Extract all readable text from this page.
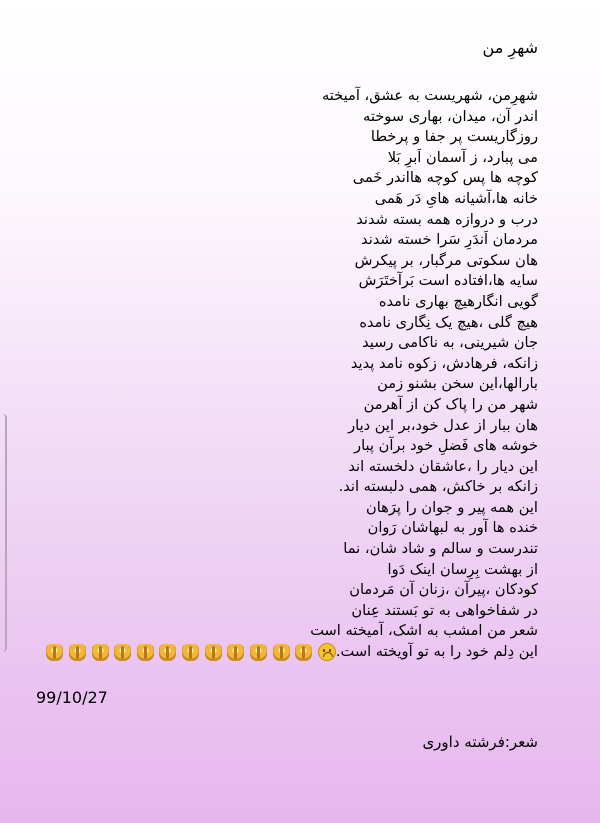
شهرِ من
شهرِمن، شهریست به عشق، آمیخته
اندر آن، میدان، بهاری سوخته
روزگاریست پر جفا و پرخطا
می پبارد، ز آسمان اَبرِ بَلا
کوچه ها پس کوچه هااندر خَمی
خانه ها،آشیانه هایِ دَر هَمی
درب و دروازه همه بسته شدند
مردمان اَندَرِ سَرا خسته شدند
هان سکوتی مرگبار، بر پیکرش
سایه ها،افتاده است بَرآختَرَش
گویی انگارهیچ بهاری نامده
هیچ گلی ،هیچ یک نِگاری نامده
جان شیرینی، به ناکامی رسید
زانکه، فرهادش، زکوه نامد پدید
بارالها،این سخن بشنو زمن
شهر من را پاک کن از آهرمن
هان ببار از عدل خود،بر این دیار
خوشه های فَضلِ خود برآن پبار
این دیار را ،عاشقان دلخسته اند
زانکه بر خاکش، همی دلبسته اند.
این همه پیر و جوان را پرَهان
خنده ها آور به لبهاشان رَوان
تندرست و سالم و شاد شان، نما
از بهشت بِرِسان اینک دَوا
کودکان ،پیرآن ،زنان آن مَردمان
در شفاخواهی به تو بَستند عِنان
شعر من امشب به اشک، آمیخته است
این دِلم خود را به تو آویخته است.

99/10/27
شعر:فرشته داوری
